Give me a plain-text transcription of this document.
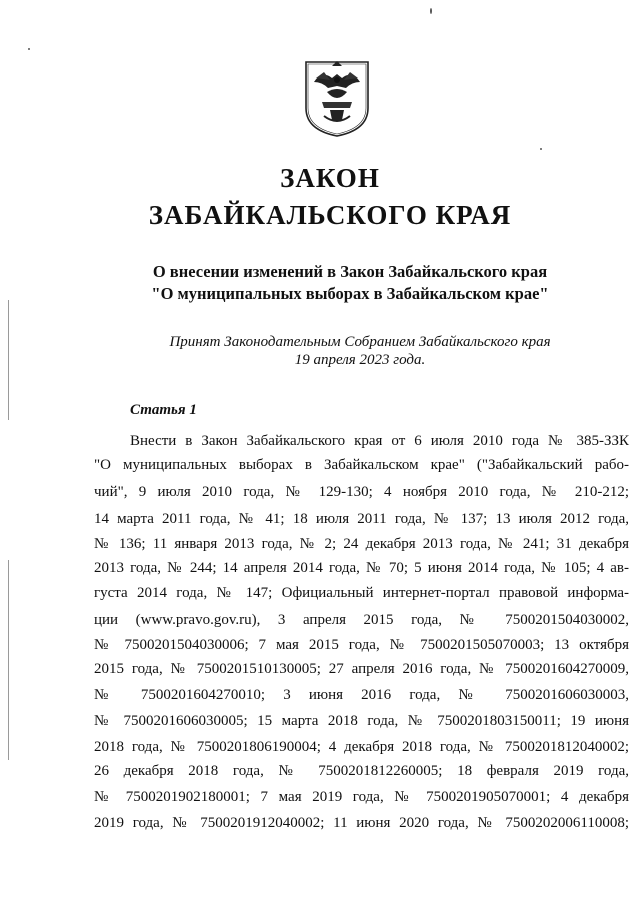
ЗАКОН
ЗАБАЙКАЛЬСКОГО КРАЯ
О внесении изменений в Закон Забайкальского края
"О муниципальных выборах в Забайкальском крае"
Принят Законодательным Собранием Забайкальского края
19 апреля 2023 года.
Статья 1
Внести в Закон Забайкальского края от 6 июля 2010 года № 385-ЗЗК
"О муниципальных выборах в Забайкальском крае" ("Забайкальский рабо-
чий", 9 июля 2010 года, № 129-130; 4 ноября 2010 года, № 210-212;
14 марта 2011 года, № 41; 18 июля 2011 года, № 137; 13 июля 2012 года,
№ 136; 11 января 2013 года, № 2; 24 декабря 2013 года, № 241; 31 декабря
2013 года, № 244; 14 апреля 2014 года, № 70; 5 июня 2014 года, № 105; 4 ав-
густа 2014 года, № 147; Официальный интернет-портал правовой информа-
ции (www.pravo.gov.ru), 3 апреля 2015 года, № 7500201504030002,
№ 7500201504030006; 7 мая 2015 года, № 7500201505070003; 13 октября
2015 года, № 7500201510130005; 27 апреля 2016 года, № 7500201604270009,
№ 7500201604270010; 3 июня 2016 года, № 7500201606030003,
№ 7500201606030005; 15 марта 2018 года, № 7500201803150011; 19 июня
2018 года, № 7500201806190004; 4 декабря 2018 года, № 7500201812040002;
26 декабря 2018 года, № 7500201812260005; 18 февраля 2019 года,
№ 7500201902180001; 7 мая 2019 года, № 7500201905070001; 4 декабря
2019 года, № 7500201912040002; 11 июня 2020 года, № 7500202006110008;
